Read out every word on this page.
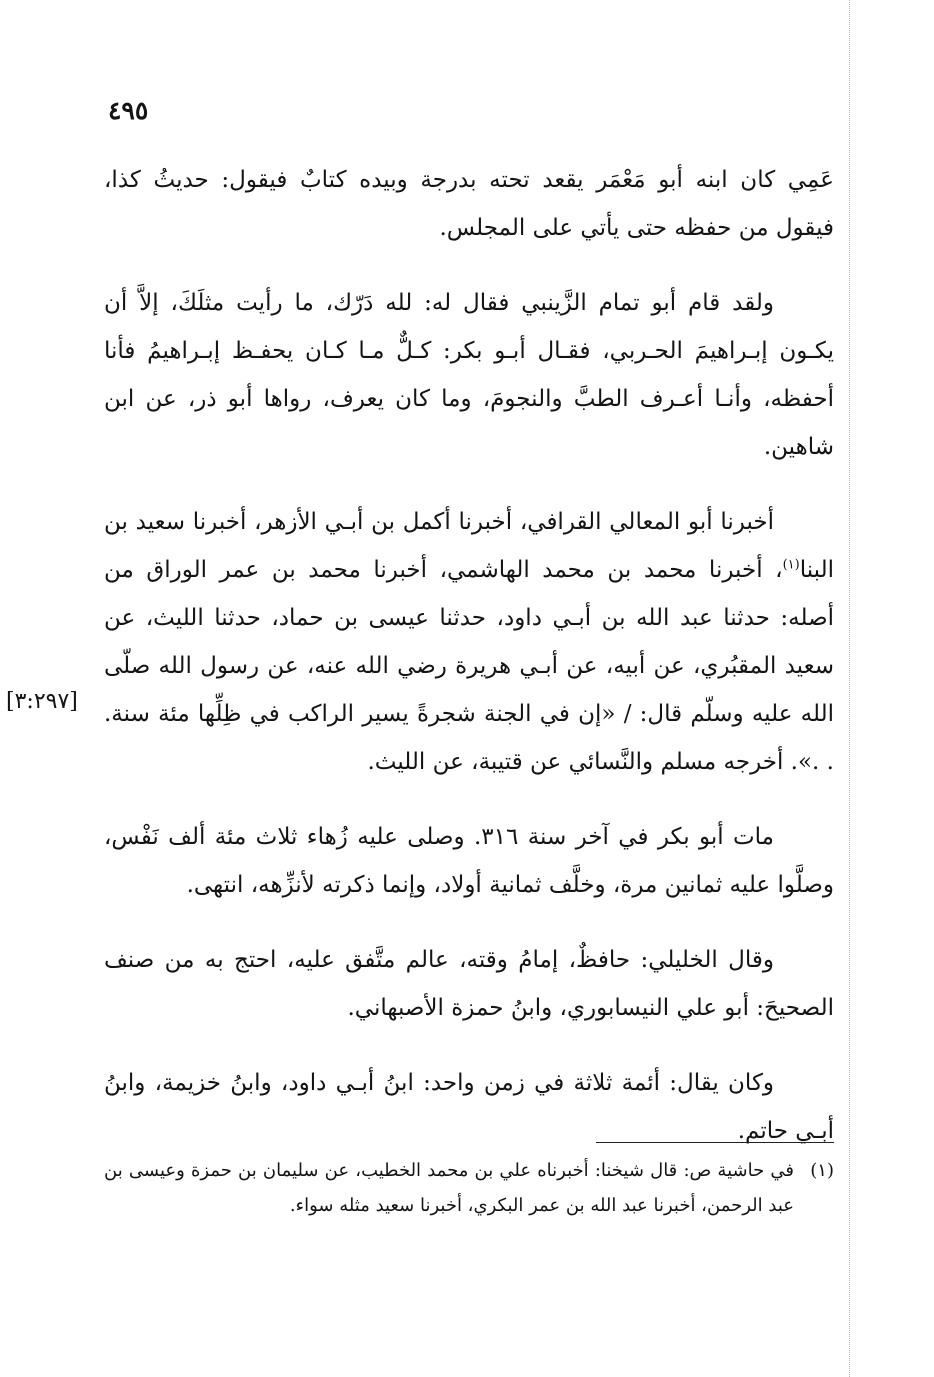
٤٩٥

عَمِي كان ابنه أبو مَعْمَر يقعد تحته بدرجة وبيده كتابٌ فيقول: حديثُ كذا، فيقول من حفظه حتى يأتي على المجلس.

ولقد قام أبو تمام الزَّينبي فقال له: لله دَرّك، ما رأيت مثلَكَ، إلاَّ أن يكـون إبـراهيمَ الحـربي، فقـال أبـو بكر: كـلٌّ مـا كـان يحفـظ إبـراهيمُ فأنا أحفظه، وأنـا أعـرف الطبَّ والنجومَ، وما كان يعرف، رواها أبو ذر، عن ابن شاهين.

أخبرنا أبو المعالي القرافي، أخبرنا أكمل بن أبـي الأزهر، أخبرنا سعيد بن البنا$^{(١)}$، أخبرنا محمد بن محمد الهاشمي، أخبرنا محمد بن عمر الوراق من أصله: حدثنا عبد الله بن أبـي داود، حدثنا عيسى بن حماد، حدثنا الليث، عن سعيد المقبُري، عن أبيه، عن أبـي هريرة رضي الله عنه، عن رسول الله صلّى الله عليه وسلّم قال: / «إن في الجنة شجرةً يسير الراكب في ظِلِّها مئة سنة. . .». أخرجه مسلم والنَّسائي عن قتيبة، عن الليث.

مات أبو بكر في آخر سنة ٣١٦. وصلى عليه زُهاء ثلاث مئة ألف نَفْس، وصلَّوا عليه ثمانين مرة، وخلَّف ثمانية أولاد، وإنما ذكرته لأنزِّهه، انتهى.

وقال الخليلي: حافظٌ، إمامُ وقته، عالم متَّفق عليه، احتج به من صنف الصحيحَ: أبو علي النيسابوري، وابنُ حمزة الأصبهاني.

وكان يقال: أئمة ثلاثة في زمن واحد: ابنُ أبـي داود، وابنُ خزيمة، وابنُ أبـي حاتم.

[٣:٢٩٧]
(١)
في حاشية ص: قال شيخنا: أخبرناه علي بن محمد الخطيب، عن سليمان بن حمزة وعيسى بن عبد الرحمن، أخبرنا عبد الله بن عمر البكري، أخبرنا سعيد مثله سواء.
